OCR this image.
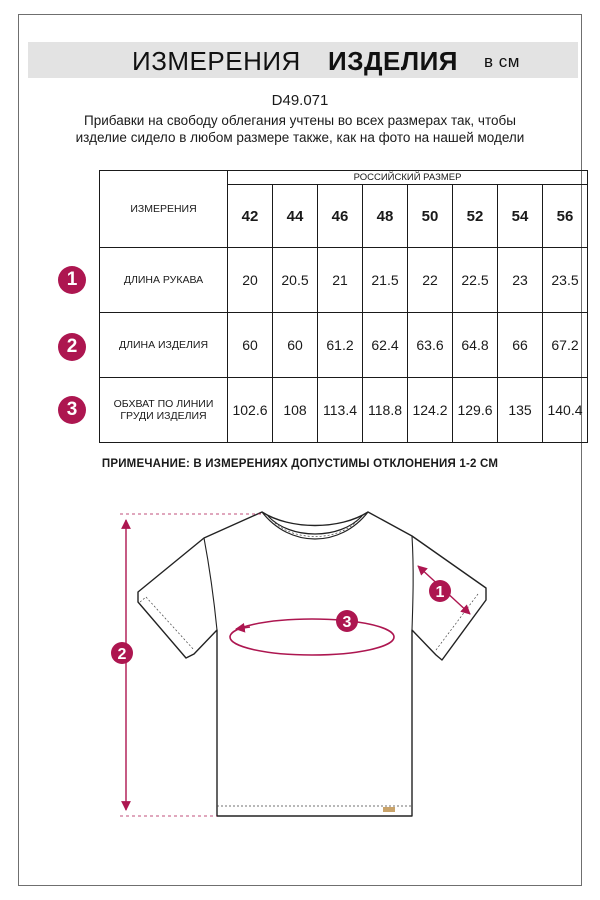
ИЗМЕРЕНИЯ ИЗДЕЛИЯ в см
D49.071
Прибавки на свободу облегания учтены во всех размерах так, чтобы изделие сидело в любом размере также, как на фото на нашей модели
ИЗМЕРЕНИЯ	РОССИЙСКИЙ РАЗМЕР							
	42	44	46	48	50	52	54	56
ДЛИНА РУКАВА	20	20.5	21	21.5	22	22.5	23	23.5
ДЛИНА ИЗДЕЛИЯ	60	60	61.2	62.4	63.6	64.8	66	67.2
ОБХВАТ ПО ЛИНИИ ГРУДИ ИЗДЕЛИЯ	102.6	108	113.4	118.8	124.2	129.6	135	140.4
1
2
3
ПРИМЕЧАНИЕ: В ИЗМЕРЕНИЯХ ДОПУСТИМЫ ОТКЛОНЕНИЯ 1-2 СМ
1
2
3
